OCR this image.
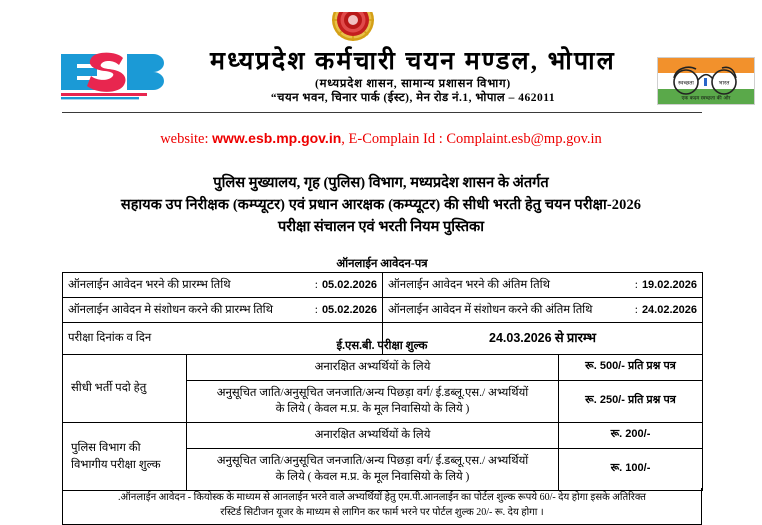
मध्यप्रदेश कर्मचारी चयन मण्डल, भोपाल
(मध्यप्रदेश शासन, सामान्य प्रशासन विभाग)
“चयन भवन, चिनार पार्क (ईस्ट), मेन रोड नं.1, भोपाल – 462011
स्वच्छता	भारत
एक कदम स्वच्छता की ओर
website: www.esb.mp.gov.in, E-Complain Id : Complaint.esb@mp.gov.in
पुलिस मुख्यालय, गृह (पुलिस) विभाग, मध्यप्रदेश शासन के अंतर्गत
सहायक उप निरीक्षक (कम्प्यूटर) एवं प्रधान आरक्षक (कम्प्यूटर) की सीधी भरती हेतु चयन परीक्षा-2026
परीक्षा संचालन एवं भरती नियम पुस्तिका
ऑनलाईन आवेदन-पत्र
ऑनलाईन आवेदन भरने की प्रारम्भ तिथि : 05.02.2026	ऑनलाईन आवेदन भरने की अंतिम तिथि : 19.02.2026

ऑनलाईन आवेदन मे संशोधन करने की प्रारम्भ तिथि : 05.02.2026	ऑनलाईन आवेदन में संशोधन करने की अंतिम तिथि : 24.02.2026

परीक्षा दिनांक व दिन	24.03.2026 से प्रारम्भ
ई.एस.बी. परीक्षा शुल्क
सीधी भर्ती पदो हेतु	अनारक्षित अभ्यर्थियों के लिये	रू. 500/- प्रति प्रश्न पत्र

	अनुसूचित जाति/अनुसूचित जनजाति/अन्य पिछड़ा वर्ग/ ई.डब्लू.एस./ अभ्यर्थियों
के लिये ( केवल म.प्र. के मूल निवासियो के लिये )	रू. 250/- प्रति प्रश्न पत्र

पुलिस विभाग की
विभागीय परीक्षा शुल्क	अनारक्षित अभ्यर्थियों के लिये	रू. 200/-

	अनुसूचित जाति/अनुसूचित जनजाति/अन्य पिछड़ा वर्ग/ ई.डब्लू.एस./ अभ्यर्थियों
के लिये ( केवल म.प्र. के मूल निवासियो के लिये )	रू. 100/-
.ऑनलाईन आवेदन - कियोस्क के माध्यम से आनलाईन भरने वाले अभ्यर्थियों हेतु एम.पी.आनलाईन का पोर्टल शुल्क रूपये 60/- देय होगा इसके अतिरिक्त
रस्टिर्ड सिटीजन यूजर के माध्यम से लागिन कर फार्म भरने पर पोर्टल शुल्क 20/- रू. देय होगा ।
